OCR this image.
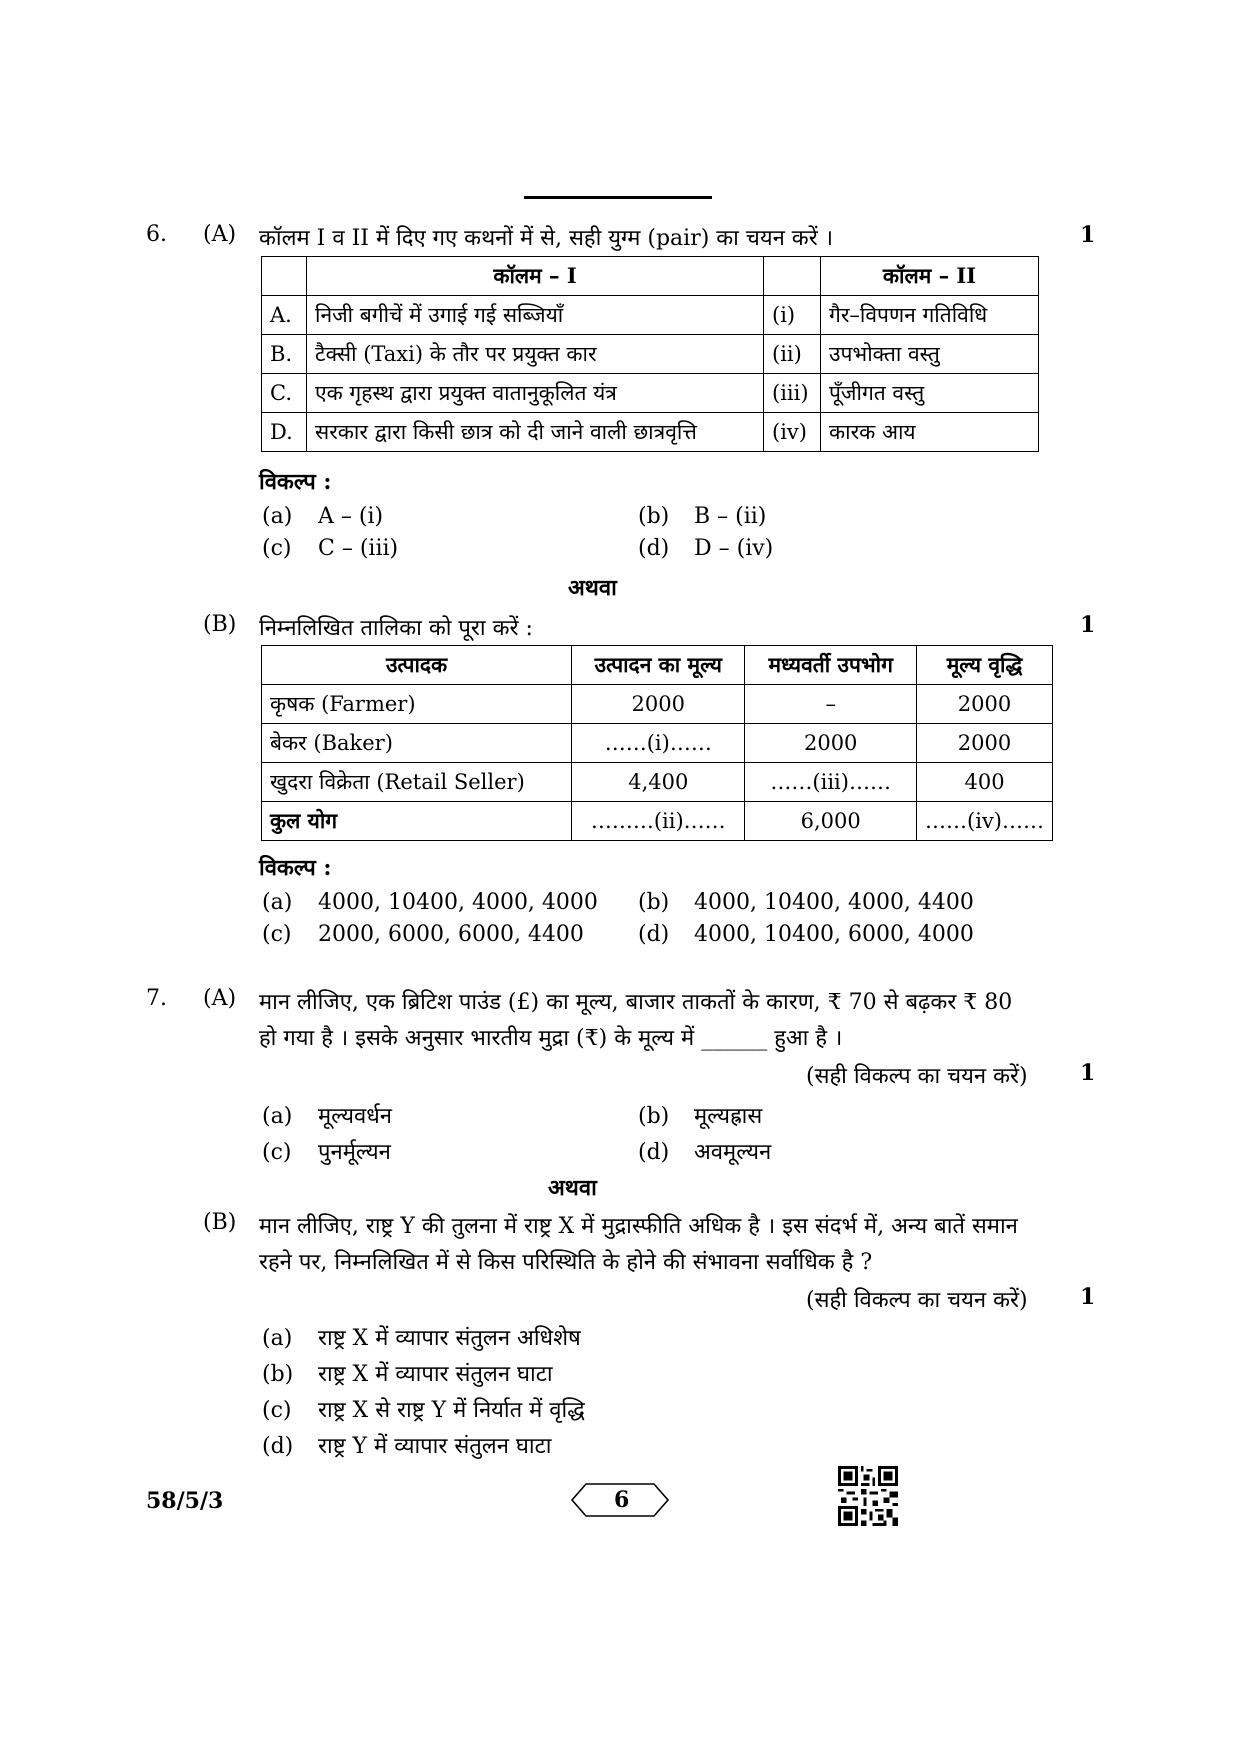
6. (A) कॉलम I व II में दिए गए कथनों में से, सही युग्म (pair) का चयन करें ।	1
	कॉलम – I		कॉलम – II
A.	निजी बगीचें में उगाई गई सब्जियाँ	(i)	गैर–विपणन गतिविधि
B.	टैक्सी (Taxi) के तौर पर प्रयुक्त कार	(ii)	उपभोक्ता वस्तु
C.	एक गृहस्थ द्वारा प्रयुक्त वातानुकूलित यंत्र	(iii)	पूँजीगत वस्तु
D.	सरकार द्वारा किसी छात्र को दी जाने वाली छात्रवृत्ति	(iv)	कारक आय
विकल्प :
(a) A – (i)	(b) B – (ii)
(c) C – (iii)	(d) D – (iv)
अथवा
(B) निम्नलिखित तालिका को पूरा करें :	1
उत्पादक	उत्पादन का मूल्य	मध्यवर्ती उपभोग	मूल्य वृद्धि
कृषक (Farmer)	2000	–	2000
बेकर (Baker)	……(i)……	2000	2000
खुदरा विक्रेता (Retail Seller)	4,400	……(iii)……	400
कुल योग	………(ii)……	6,000	……(iv)……
विकल्प :
(a) 4000, 10400, 4000, 4000 (b) 4000, 10400, 4000, 4400
(c) 2000, 6000, 6000, 4400 (d) 4000, 10400, 6000, 4000
7. (A) मान लीजिए, एक ब्रिटिश पाउंड (£) का मूल्य, बाजार ताकतों के कारण, ₹ 70 से बढ़कर ₹ 80
हो गया है । इसके अनुसार भारतीय मुद्रा (₹) के मूल्य में ______ हुआ है ।
(सही विकल्प का चयन करें) 1
(a) मूल्यवर्धन	(b) मूल्यह्रास
(c) पुनर्मूल्यन	(d) अवमूल्यन
अथवा
(B) मान लीजिए, राष्ट्र Y की तुलना में राष्ट्र X में मुद्रास्फीति अधिक है । इस संदर्भ में, अन्य बातें समान
रहने पर, निम्नलिखित में से किस परिस्थिति के होने की संभावना सर्वाधिक है ?
(सही विकल्प का चयन करें) 1
(a) राष्ट्र X में व्यापार संतुलन अधिशेष
(b) राष्ट्र X में व्यापार संतुलन घाटा
(c) राष्ट्र X से राष्ट्र Y में निर्यात में वृद्धि
(d) राष्ट्र Y में व्यापार संतुलन घाटा
58/5/3	6
